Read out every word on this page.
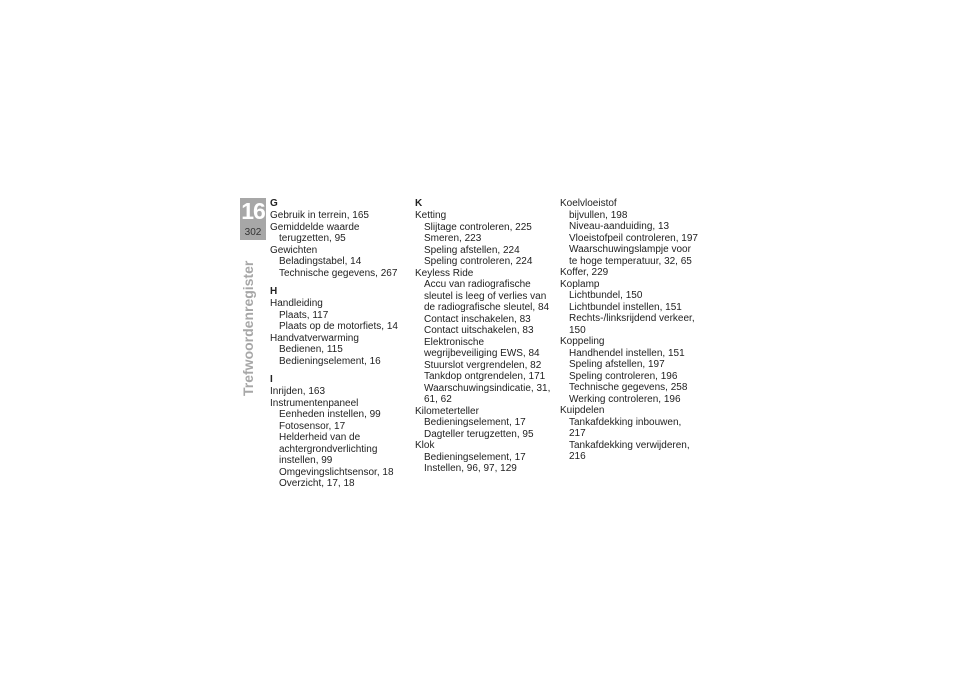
16
302
Trefwoordenregister
G
Gebruik in terrein, 165
Gemiddelde waarde
terugzetten, 95
Gewichten
Beladingstabel, 14
Technische gegevens, 267
H
Handleiding
Plaats, 117
Plaats op de motorfiets, 14
Handvatverwarming
Bedienen, 115
Bedieningselement, 16
I
Inrijden, 163
Instrumentenpaneel
Eenheden instellen, 99
Fotosensor, 17
Helderheid van de achtergrondverlichting instellen, 99
Omgevingslichtsensor, 18
Overzicht, 17, 18
K
Ketting
Slijtage controleren, 225
Smeren, 223
Speling afstellen, 224
Speling controleren, 224
Keyless Ride
Accu van radiografische sleutel is leeg of verlies van de radiografische sleutel, 84
Contact inschakelen, 83
Contact uitschakelen, 83
Elektronische wegrijbeveiliging EWS, 84
Stuurslot vergrendelen, 82
Tankdop ontgrendelen, 171
Waarschuwingsindicatie, 31, 61, 62
Kilometerteller
Bedieningselement, 17
Dagteller terugzetten, 95
Klok
Bedieningselement, 17
Instellen, 96, 97, 129
Koelvloeistof
bijvullen, 198
Niveau-aanduiding, 13
Vloeistofpeil controleren, 197
Waarschuwingslampje voor te hoge temperatuur, 32, 65
Koffer, 229
Koplamp
Lichtbundel, 150
Lichtbundel instellen, 151
Rechts-/linksrijdend verkeer, 150
Koppeling
Handhendel instellen, 151
Speling afstellen, 197
Speling controleren, 196
Technische gegevens, 258
Werking controleren, 196
Kuipdelen
Tankafdekking inbouwen, 217
Tankafdekking verwijderen, 216
